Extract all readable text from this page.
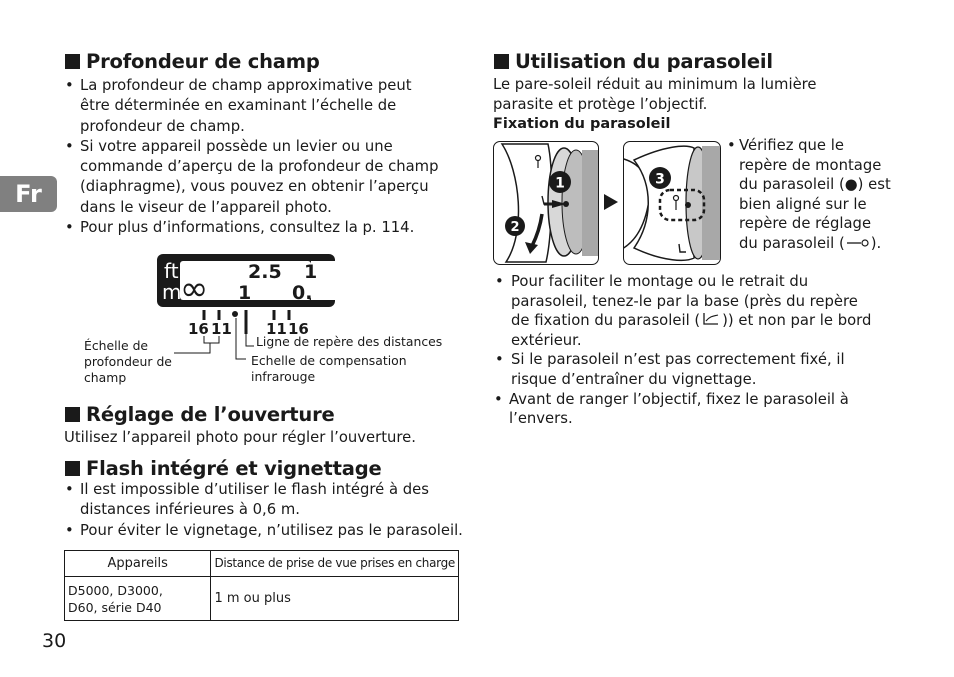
Fr
Profondeur de champ
• La profondeur de champ approximative peut
être déterminée en examinant l’échelle de
profondeur de champ.
• Si votre appareil possède un levier ou une
commande d’aperçu de la profondeur de champ
(diaphragme), vous pouvez en obtenir l’aperçu
dans le viseur de l’appareil photo.
• Pour plus d’informations, consultez la p. 114.
ft
m
∞ 2.5 1
1 0.
16 11 11 16
Échelle de
profondeur de
champ
Ligne de repère des distances
Echelle de compensation
infrarouge
Réglage de l’ouverture
Utilisez l’appareil photo pour régler l’ouverture.
Flash intégré et vignettage
• Il est impossible d’utiliser le flash intégré à des
distances inférieures à 0,6 m.
• Pour éviter le vignetage, n’utilisez pas le parasoleil.
Appareils	Distance de prise de vue prises en charge

D5000, D3000,
D60, série D40	1 m ou plus
30
Utilisation du parasoleil
Le pare-soleil réduit au minimum la lumière
parasite et protège l’objectif.
Fixation du parasoleil
1
2
3
• Vérifiez que le
repère de montage
du parasoleil (●) est
bien aligné sur le
repère de réglage
du parasoleil ( ).
• Pour faciliter le montage ou le retrait du
parasoleil, tenez-le par la base (près du repère
de fixation du parasoleil ( )) et non par le bord
extérieur.
• Si le parasoleil n’est pas correctement fixé, il
risque d’entraîner du vignettage.
• Avant de ranger l’objectif, fixez le parasoleil à
l’envers.
